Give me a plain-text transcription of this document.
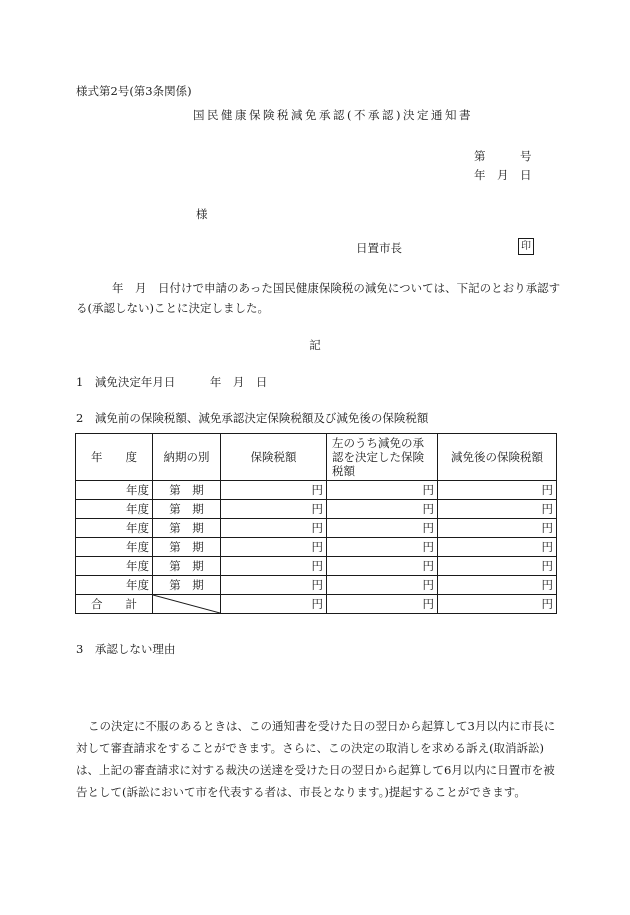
様式第2号(第3条関係)
国民健康保険税減免承認(不承認)決定通知書
第　　　号
年　月　日
様
日置市長	印
年　月　日付けで申請のあった国民健康保険税の減免については、下記のとおり承認する(承認しない)ことに決定しました。
記
1　減免決定年月日　　　年　月　日
2　減免前の保険税額、減免承認決定保険税額及び減免後の保険税額
年　　度	納期の別	保険税額	左のうち減免の承認を決定した保険税額	減免後の保険税額
年度	第　期	円	円	円
年度	第　期	円	円	円
年度	第　期	円	円	円
年度	第　期	円	円	円
年度	第　期	円	円	円
年度	第　期	円	円	円
合　　計		円	円	円
3　承認しない理由
この決定に不服のあるときは、この通知書を受けた日の翌日から起算して3月以内に市長に対して審査請求をすることができます。さらに、この決定の取消しを求める訴え(取消訴訟)は、上記の審査請求に対する裁決の送達を受けた日の翌日から起算して6月以内に日置市を被告として(訴訟において市を代表する者は、市長となります。)提起することができます。
